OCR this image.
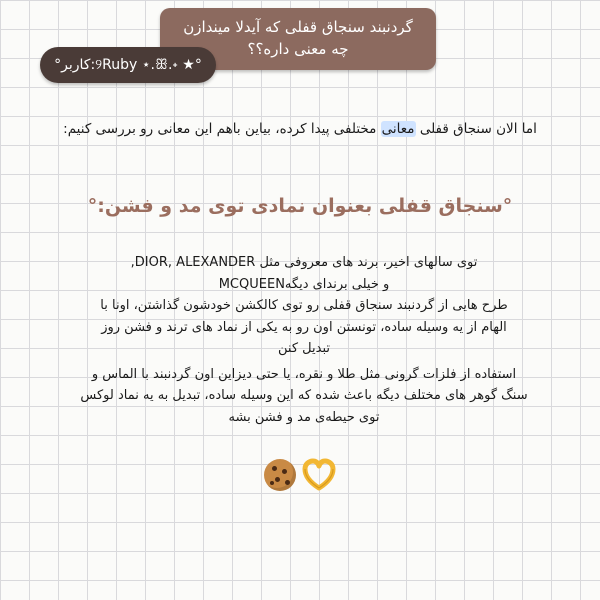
گردنبند سنجاق قفلی که آیدلا میندازن
چه معنی داره؟؟
°★ ˖.୨Ruby ⋆.ꕥ:کاربر°
اما الان سنجاق قفلی معانی مختلفی پیدا کرده، بیاین باهم این معانی رو بررسی کنیم:
°سنجاق قفلی بعنوان نمادی توی مد و فشن:°

توی سالهای اخیر، برند های معروفی مثل DIOR, ALEXANDER,

و خیلی برندای دیگهMCQUEEN

طرح هایی از گردنبند سنجاق قفلی رو توی کالکشن خودشون گذاشتن، اونا با

الهام از یه وسیله ساده، تونستن اون رو به یکی از نماد های ترند و فشن روز

تبدیل کنن

استفاده از فلزات گرونی مثل طلا و نقره، یا حتی دیزاین اون گردنبند با الماس و

سنگ گوهر های مختلف دیگه باعث شده که این وسیله ساده، تبدیل به یه نماد لوکس

توی حیطه‌ی مد و فشن بشه
